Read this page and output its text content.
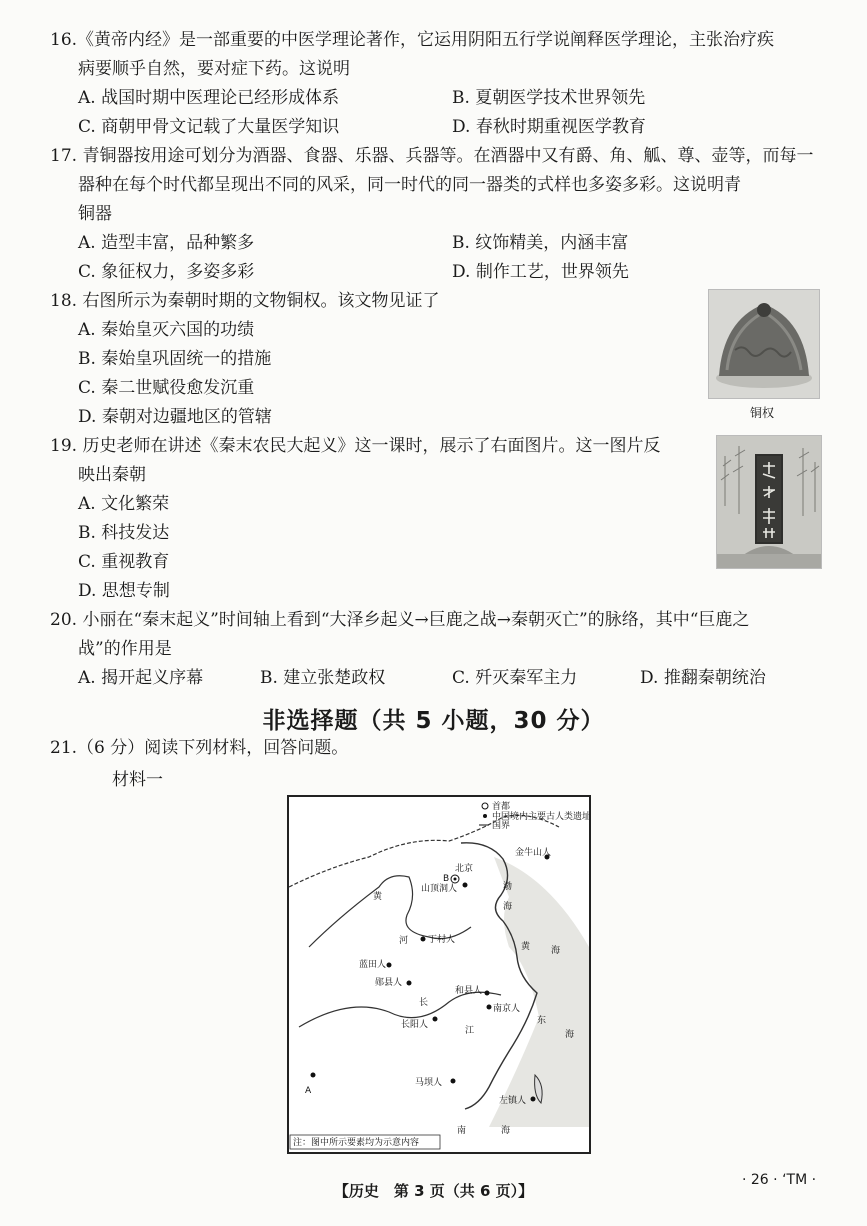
16.《黄帝内经》是一部重要的中医学理论著作，它运用阴阳五行学说阐释医学理论，主张治疗疾
病要顺乎自然，要对症下药。这说明
A. 战国时期中医理论已经形成体系	B. 夏朝医学技术世界领先
C. 商朝甲骨文记载了大量医学知识	D. 春秋时期重视医学教育
17. 青铜器按用途可划分为酒器、食器、乐器、兵器等。在酒器中又有爵、角、觚、尊、壶等，而每一
器种在每个时代都呈现出不同的风采，同一时代的同一器类的式样也多姿多彩。这说明青
铜器
A. 造型丰富，品种繁多	B. 纹饰精美，内涵丰富
C. 象征权力，多姿多彩	D. 制作工艺，世界领先
18. 右图所示为秦朝时期的文物铜权。该文物见证了
A. 秦始皇灭六国的功绩
B. 秦始皇巩固统一的措施
C. 秦二世赋役愈发沉重
D. 秦朝对边疆地区的管辖	铜权
19. 历史老师在讲述《秦末农民大起义》这一课时，展示了右面图片。这一图片反
映出秦朝
A. 文化繁荣
B. 科技发达
C. 重视教育
D. 思想专制
20. 小丽在“秦末起义”时间轴上看到“大泽乡起义→巨鹿之战→秦朝灭亡”的脉络，其中“巨鹿之
战”的作用是
A. 揭开起义序幕	B. 建立张楚政权	C. 歼灭秦军主力	D. 推翻秦朝统治
非选择题（共 5 小题，30 分）
21.（6 分）阅读下列材料，回答问题。
材料一
首都
中国境内主要古人类遗址
国界
北京
B
金牛山人
山顶洞人
丁村人
蓝田人
郧县人
和县人
南京人
长阳人
马坝人
左镇人
A
黄
河
长
江
渤
海
黄 海
东
海
南	海
注：图中所示要素均为示意内容
【历史　第 3 页（共 6 页）】
· 26 · ‘TM ·
